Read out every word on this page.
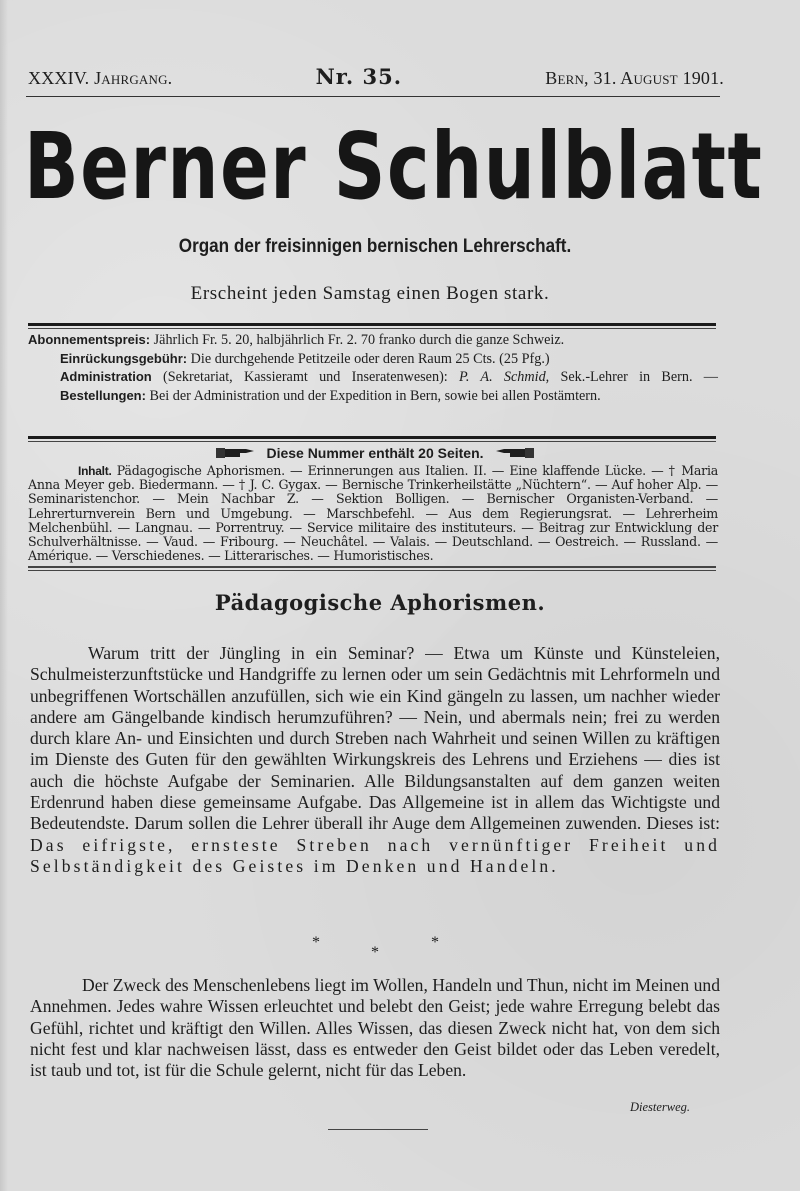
XXXIV. Jahrgang.	Nr. 35.	Bern, 31. August 1901.
Berner Schulblatt
Organ der freisinnigen bernischen Lehrerschaft.
Erscheint jeden Samstag einen Bogen stark.

Abonnementspreis: Jährlich Fr. 5. 20, halbjährlich Fr. 2. 70 franko durch die ganze Schweiz.

Einrückungsgebühr: Die durchgehende Petitzeile oder deren Raum 25 Cts. (25 Pfg.)

Administration (Sekretariat, Kassieramt und Inseratenwesen): P. A. Schmid, Sek.-Lehrer in Bern. — Bestellungen: Bei der Administration und der Expedition in Bern, sowie bei allen Postämtern.

Diese Nummer enthält 20 Seiten.
Inhalt. Pädagogische Aphorismen. — Erinnerungen aus Italien. II. — Eine klaffende Lücke. — † Maria Anna Meyer geb. Biedermann. — † J. C. Gygax. — Bernische Trinkerheilstätte „Nüchtern“. — Auf hoher Alp. — Seminaristenchor. — Mein Nachbar Z. — Sektion Bolligen. — Bernischer Organisten-Verband. — Lehrerturnverein Bern und Umgebung. — Marschbefehl. — Aus dem Regierungsrat. — Lehrerheim Melchenbühl. — Langnau. — Porrentruy. — Service militaire des instituteurs. — Beitrag zur Entwicklung der Schulverhältnisse. — Vaud. — Fribourg. — Neuchâtel. — Valais. — Deutschland. — Oestreich. — Russland. — Amérique. — Verschiedenes. — Litterarisches. — Humoristisches.
Pädagogische Aphorismen.

Warum tritt der Jüngling in ein Seminar? — Etwa um Künste und Künsteleien, Schulmeisterzunftstücke und Handgriffe zu lernen oder um sein Gedächtnis mit Lehrformeln und unbegriffenen Wortschällen anzufüllen, sich wie ein Kind gängeln zu lassen, um nachher wieder andere am Gängelbande kindisch herumzuführen? — Nein, und abermals nein; frei zu werden durch klare An- und Einsichten und durch Streben nach Wahrheit und seinen Willen zu kräftigen im Dienste des Guten für den gewählten Wirkungskreis des Lehrens und Erziehens — dies ist auch die höchste Aufgabe der Seminarien. Alle Bildungsanstalten auf dem ganzen weiten Erdenrund haben diese gemeinsame Aufgabe. Das Allgemeine ist in allem das Wichtigste und Bedeutendste. Darum sollen die Lehrer überall ihr Auge dem Allgemeinen zuwenden. Dieses ist: Das eifrigste, ernsteste Streben nach vernünftiger Freiheit und Selbständigkeit des Geistes im Denken und Handeln.

*
*
*

Der Zweck des Menschenlebens liegt im Wollen, Handeln und Thun, nicht im Meinen und Annehmen. Jedes wahre Wissen erleuchtet und belebt den Geist; jede wahre Erregung belebt das Gefühl, richtet und kräftigt den Willen. Alles Wissen, das diesen Zweck nicht hat, von dem sich nicht fest und klar nachweisen lässt, dass es entweder den Geist bildet oder das Leben veredelt, ist taub und tot, ist für die Schule gelernt, nicht für das Leben.

Diesterweg.
